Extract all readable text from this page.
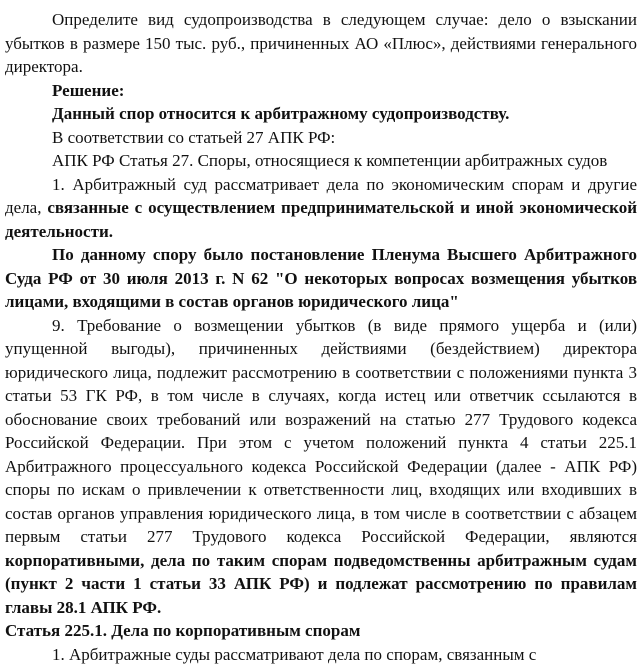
Определите вид судопроизводства в следующем случае: дело о взыскании убытков в размере 150 тыс. руб., причиненных АО «Плюс», действиями генерального директора.

Решение:

Данный спор относится к арбитражному судопроизводству.

В соответствии со статьей 27 АПК РФ:

АПК РФ Статья 27. Споры, относящиеся к компетенции арбитражных судов

1. Арбитражный суд рассматривает дела по экономическим спорам и другие дела, связанные с осуществлением предпринимательской и иной экономической деятельности.

По данному спору было постановление Пленума Высшего Арбитражного Суда РФ от 30 июля 2013 г. N 62 "О некоторых вопросах возмещения убытков лицами, входящими в состав органов юридического лица"

9. Требование о возмещении убытков (в виде прямого ущерба и (или) упущенной выгоды), причиненных действиями (бездействием) директора юридического лица, подлежит рассмотрению в соответствии с положениями пункта 3 статьи 53 ГК РФ, в том числе в случаях, когда истец или ответчик ссылаются в обоснование своих требований или возражений на статью 277 Трудового кодекса Российской Федерации. При этом с учетом положений пункта 4 статьи 225.1 Арбитражного процессуального кодекса Российской Федерации (далее - АПК РФ) споры по искам о привлечении к ответственности лиц, входящих или входивших в состав органов управления юридического лица, в том числе в соответствии с абзацем первым статьи 277 Трудового кодекса Российской Федерации, являются корпоративными, дела по таким спорам подведомственны арбитражным судам (пункт 2 части 1 статьи 33 АПК РФ) и подлежат рассмотрению по правилам главы 28.1 АПК РФ.

Статья 225.1. Дела по корпоративным спорам

1. Арбитражные суды рассматривают дела по спорам, связанным с
